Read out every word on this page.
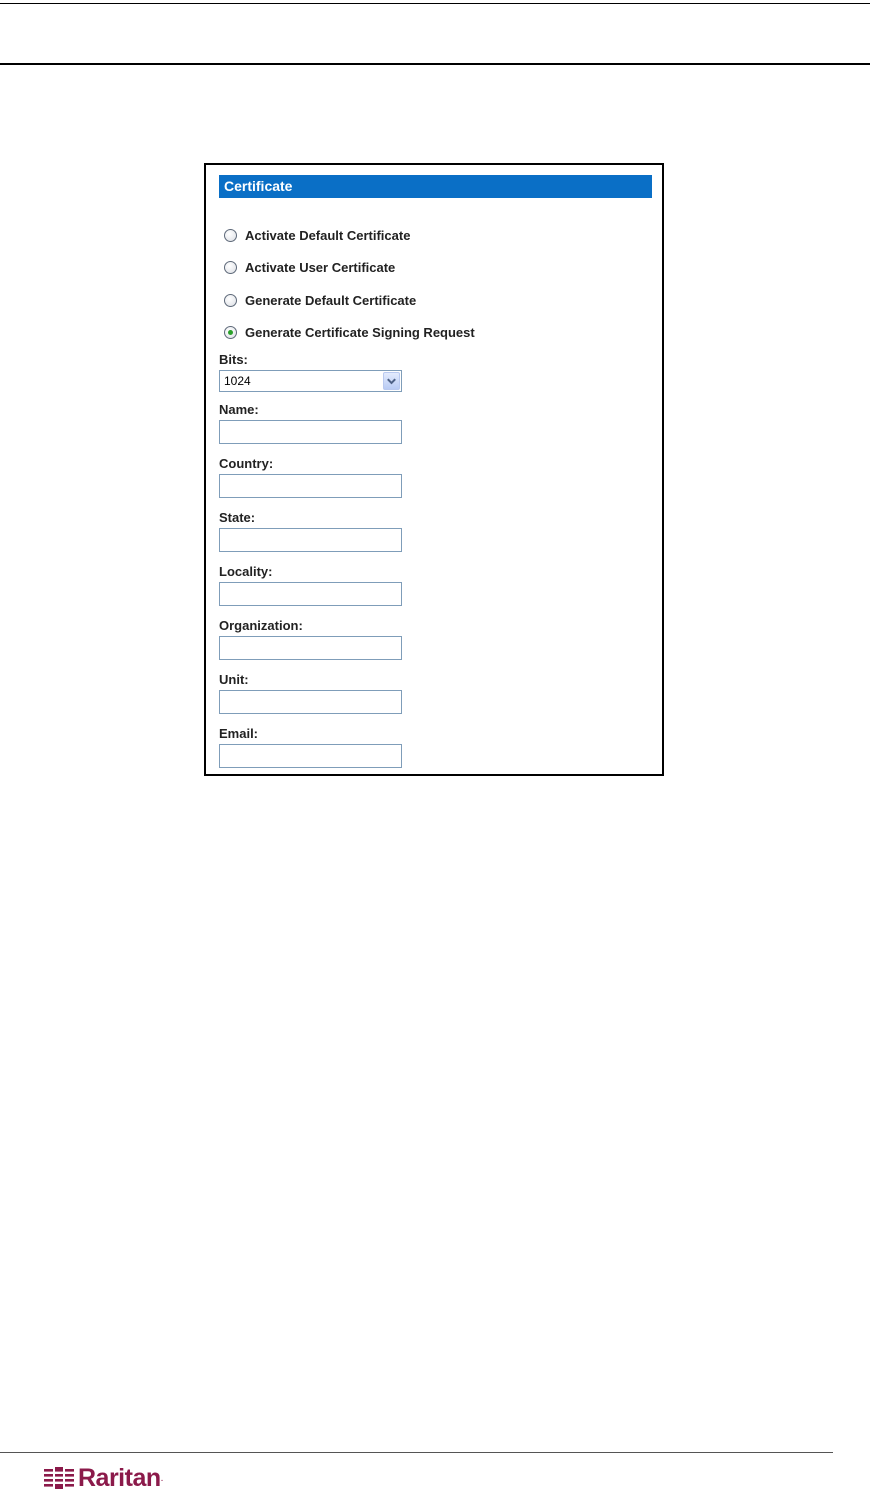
Certificate
Activate Default Certificate
Activate User Certificate
Generate Default Certificate
Generate Certificate Signing Request
Bits:
1024
Name:
Country:
State:
Locality:
Organization:
Unit:
Email:
Raritan .
